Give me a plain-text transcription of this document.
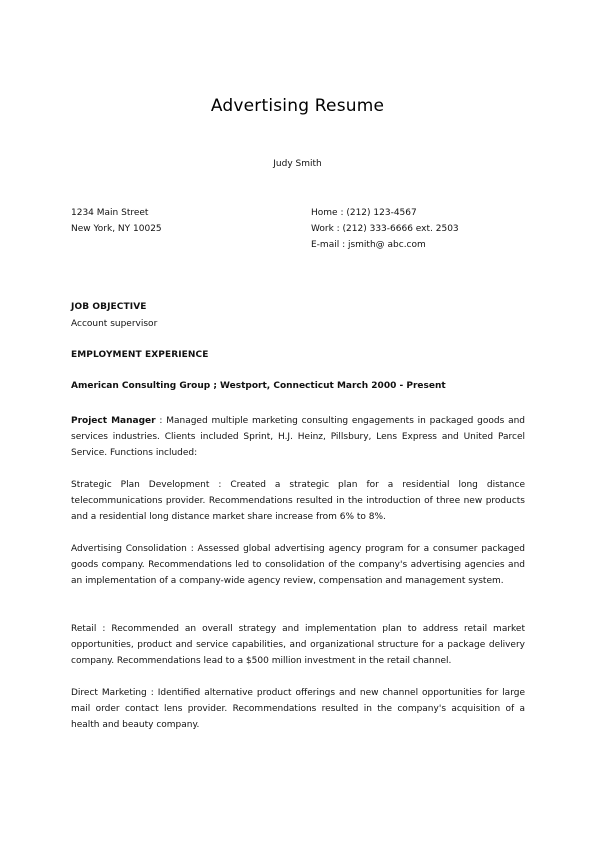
Advertising Resume
Judy Smith
1234 Main Street
New York, NY 10025
Home : (212) 123-4567
Work : (212) 333-6666 ext. 2503
E-mail : jsmith@ abc.com
JOB OBJECTIVE
Account supervisor
EMPLOYMENT EXPERIENCE
American Consulting Group ; Westport, Connecticut March 2000 - Present
Project Manager : Managed multiple marketing consulting engagements in packaged goods and services industries. Clients included Sprint, H.J. Heinz, Pillsbury, Lens Express and United Parcel Service. Functions included:
Strategic Plan Development : Created a strategic plan for a residential long distance telecommunications provider. Recommendations resulted in the introduction of three new products and a residential long distance market share increase from 6% to 8%.
Advertising Consolidation : Assessed global advertising agency program for a consumer packaged goods company. Recommendations led to consolidation of the company's advertising agencies and an implementation of a company-wide agency review, compensation and management system.
Retail : Recommended an overall strategy and implementation plan to address retail market opportunities, product and service capabilities, and organizational structure for a package delivery company. Recommendations lead to a $500 million investment in the retail channel.
Direct Marketing : Identified alternative product offerings and new channel opportunities for large mail order contact lens provider. Recommendations resulted in the company's acquisition of a health and beauty company.
